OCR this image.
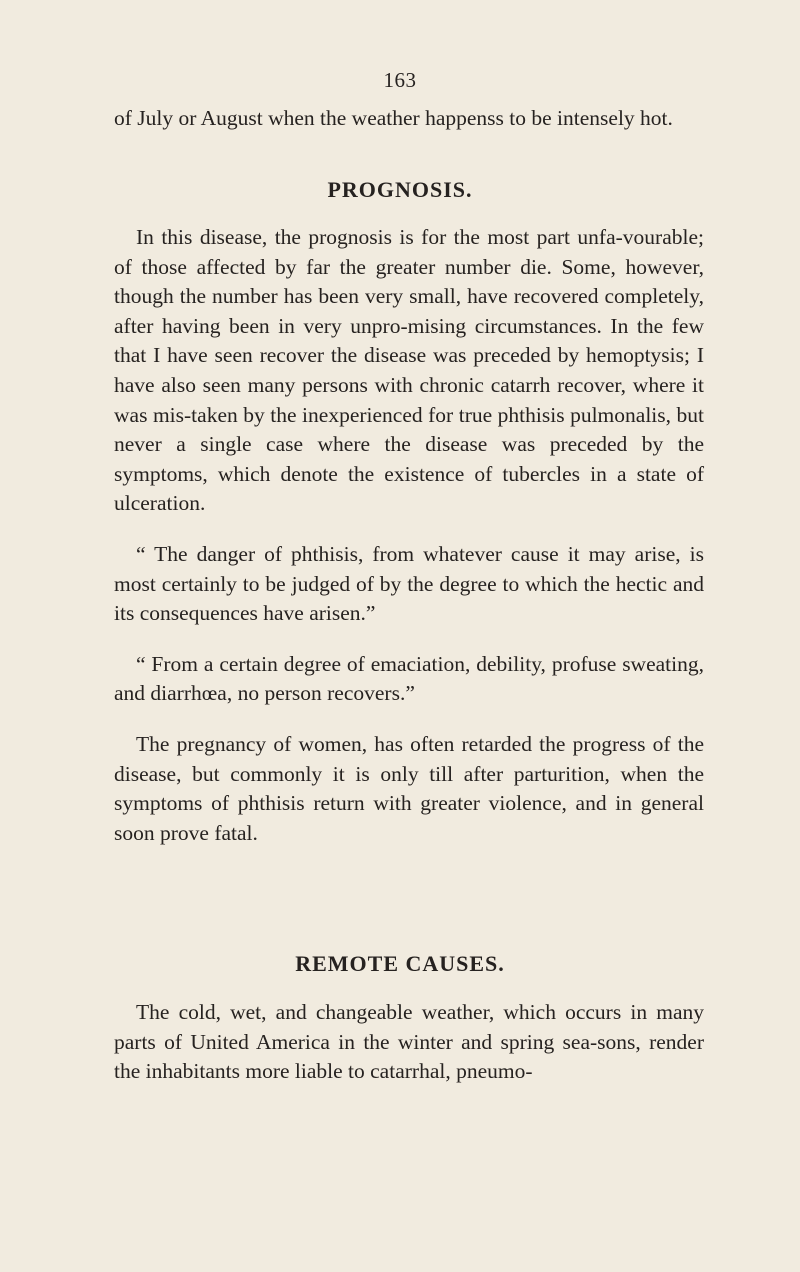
163

of July or August when the weather happenss to be intensely hot.

PROGNOSIS.

In this disease, the prognosis is for the most part unfa-vourable; of those affected by far the greater number die. Some, however, though the number has been very small, have recovered completely, after having been in very unpro-mising circumstances. In the few that I have seen recover the disease was preceded by hemoptysis; I have also seen many persons with chronic catarrh recover, where it was mis-taken by the inexperienced for true phthisis pulmonalis, but never a single case where the disease was preceded by the symptoms, which denote the existence of tubercles in a state of ulceration.

“ The danger of phthisis, from whatever cause it may arise, is most certainly to be judged of by the degree to which the hectic and its consequences have arisen.”

“ From a certain degree of emaciation, debility, profuse sweating, and diarrhœa, no person recovers.”

The pregnancy of women, has often retarded the progress of the disease, but commonly it is only till after parturition, when the symptoms of phthisis return with greater violence, and in general soon prove fatal.

REMOTE CAUSES.

The cold, wet, and changeable weather, which occurs in many parts of United America in the winter and spring sea-sons, render the inhabitants more liable to catarrhal, pneumo-
